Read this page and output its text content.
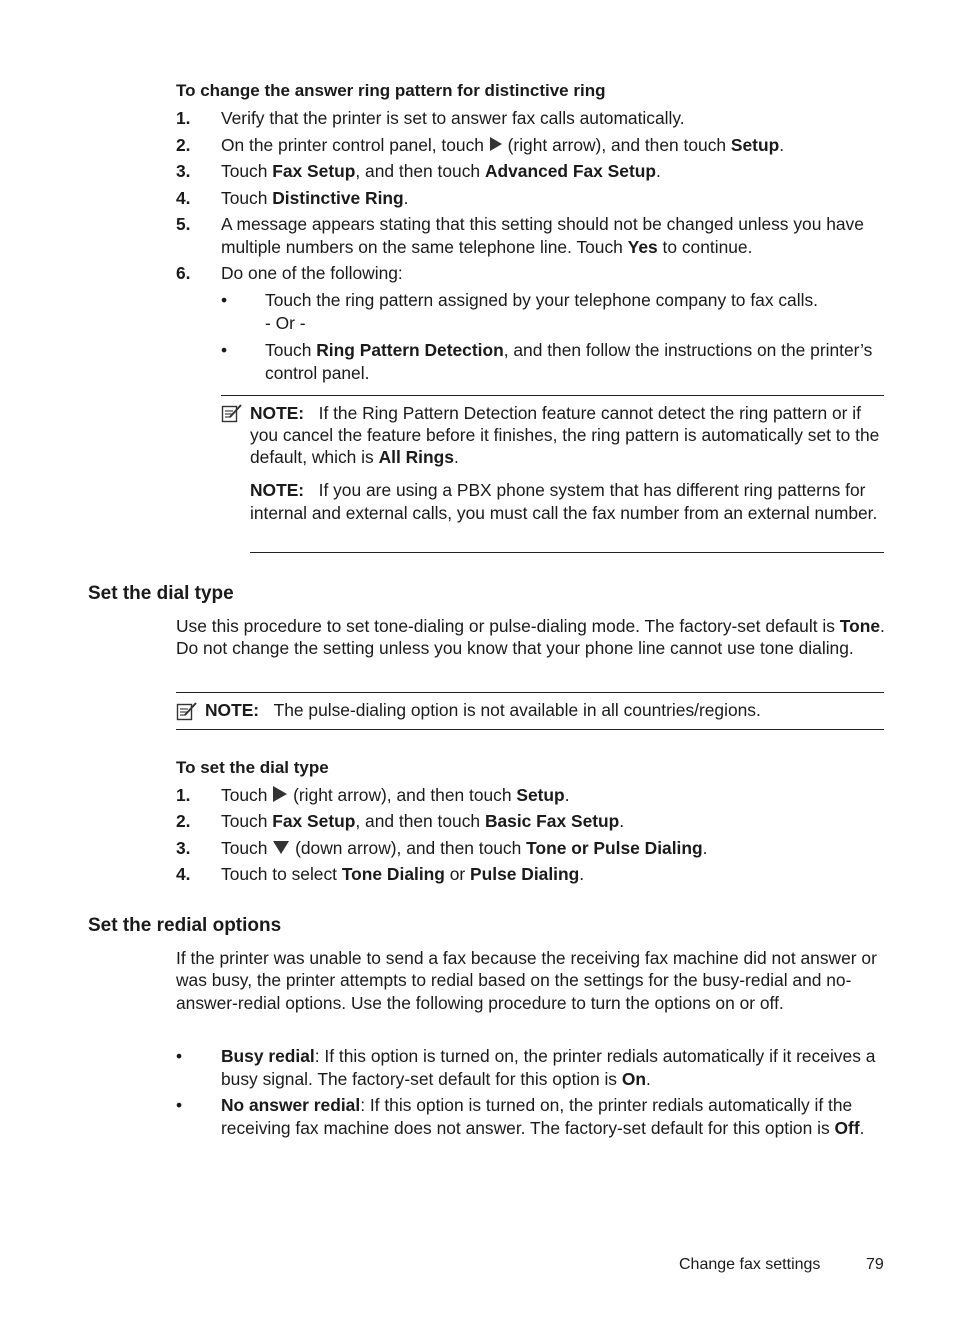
To change the answer ring pattern for distinctive ring
1. Verify that the printer is set to answer fax calls automatically.
2. On the printer control panel, touch  (right arrow), and then touch Setup.
3. Touch Fax Setup, and then touch Advanced Fax Setup.
4. Touch Distinctive Ring.
5. A message appears stating that this setting should not be changed unless you have multiple numbers on the same telephone line. Touch Yes to continue.
6. Do one of the following:
• Touch the ring pattern assigned by your telephone company to fax calls.
- Or -
• Touch Ring Pattern Detection, and then follow the instructions on the printer’s control panel.
NOTE: If the Ring Pattern Detection feature cannot detect the ring pattern or if you cancel the feature before it finishes, the ring pattern is automatically set to the default, which is All Rings.
NOTE: If you are using a PBX phone system that has different ring patterns for internal and external calls, you must call the fax number from an external number.
Set the dial type
Use this procedure to set tone-dialing or pulse-dialing mode. The factory-set default is Tone. Do not change the setting unless you know that your phone line cannot use tone dialing.
NOTE: The pulse-dialing option is not available in all countries/regions.
To set the dial type
1. Touch  (right arrow), and then touch Setup.
2. Touch Fax Setup, and then touch Basic Fax Setup.
3. Touch  (down arrow), and then touch Tone or Pulse Dialing.
4. Touch to select Tone Dialing or Pulse Dialing.
Set the redial options
If the printer was unable to send a fax because the receiving fax machine did not answer or was busy, the printer attempts to redial based on the settings for the busy-redial and no-answer-redial options. Use the following procedure to turn the options on or off.
• Busy redial: If this option is turned on, the printer redials automatically if it receives a busy signal. The factory-set default for this option is On.
• No answer redial: If this option is turned on, the printer redials automatically if the receiving fax machine does not answer. The factory-set default for this option is Off.
Change fax settings	79
